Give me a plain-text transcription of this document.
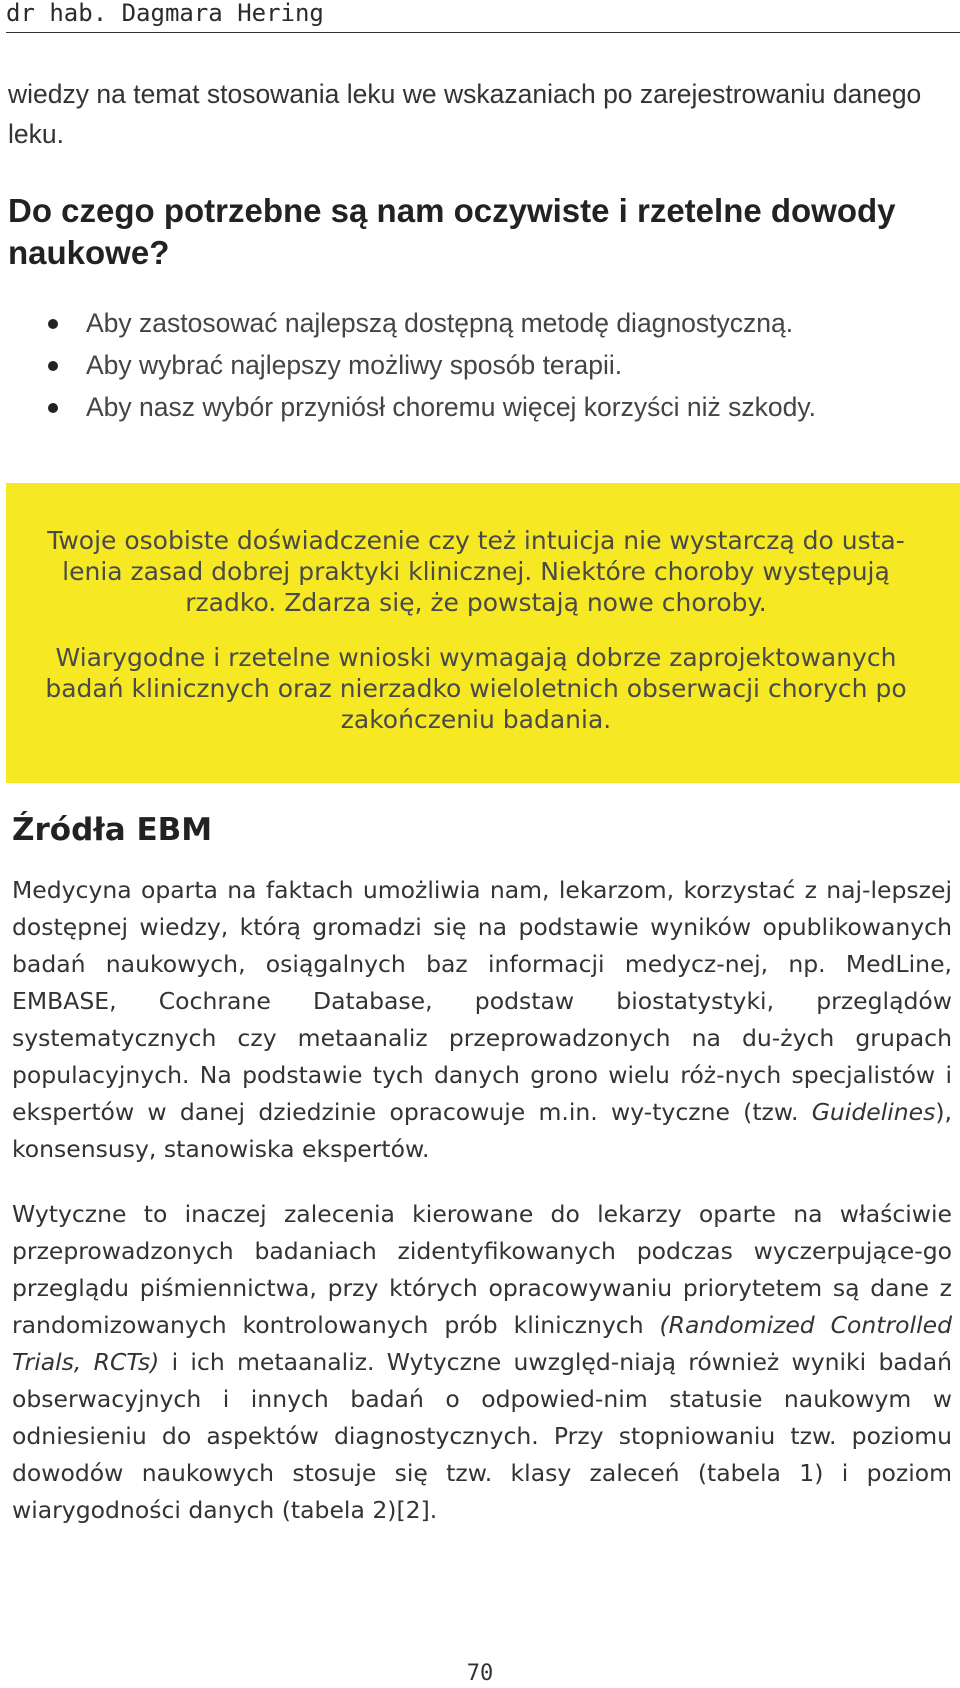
dr hab. Dagmara Hering

wiedzy na temat stosowania leku we wskazaniach po zarejestrowaniu danego leku.

Do czego potrzebne są nam oczywiste i rzetelne dowody naukowe?
Aby zastosować najlepszą dostępną metodę diagnostyczną.
Aby wybrać najlepszy możliwy sposób terapii.
Aby nasz wybór przyniósł choremu więcej korzyści niż szkody.

Twoje osobiste doświadczenie czy też intuicja nie wystarczą do usta-lenia zasad dobrej praktyki klinicznej. Niektóre choroby występują rzadko. Zdarza się, że powstają nowe choroby.

Wiarygodne i rzetelne wnioski wymagają dobrze zaprojektowanych badań klinicznych oraz nierzadko wieloletnich obserwacji chorych po zakończeniu badania.

Źródła EBM

Medycyna oparta na faktach umożliwia nam, lekarzom, korzystać z naj-lepszej dostępnej wiedzy, którą gromadzi się na podstawie wyników opublikowanych badań naukowych, osiągalnych baz informacji medycz-nej, np. MedLine, EMBASE, Cochrane Database, podstaw biostatystyki, przeglądów systematycznych czy metaanaliz przeprowadzonych na du-żych grupach populacyjnych. Na podstawie tych danych grono wielu róż-nych specjalistów i ekspertów w danej dziedzinie opracowuje m.in. wy-tyczne (tzw. Guidelines), konsensusy, stanowiska ekspertów.

Wytyczne to inaczej zalecenia kierowane do lekarzy oparte na właściwie przeprowadzonych badaniach zidentyfikowanych podczas wyczerpujące-go przeglądu piśmiennictwa, przy których opracowywaniu priorytetem są dane z randomizowanych kontrolowanych prób klinicznych (Randomized Controlled Trials, RCTs) i ich metaanaliz. Wytyczne uwzględ-niają również wyniki badań obserwacyjnych i innych badań o odpowied-nim statusie naukowym w odniesieniu do aspektów diagnostycznych. Przy stopniowaniu tzw. poziomu dowodów naukowych stosuje się tzw. klasy zaleceń (tabela 1) i poziom wiarygodności danych (tabela 2)[2].

70
